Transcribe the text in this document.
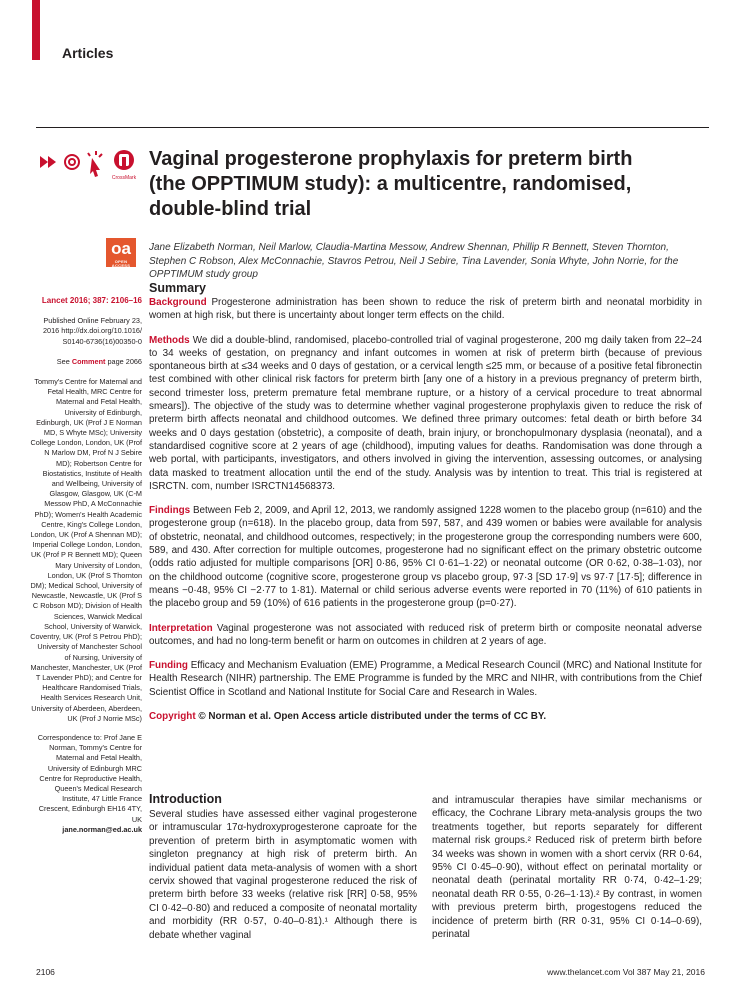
Articles
CrossMark
oa
OPEN ACCESS
Vaginal progesterone prophylaxis for preterm birth (the OPPTIMUM study): a multicentre, randomised, double-blind trial

Jane Elizabeth Norman, Neil Marlow, Claudia-Martina Messow, Andrew Shennan, Phillip R Bennett, Steven Thornton, Stephen C Robson, Alex McConnachie, Stavros Petrou, Neil J Sebire, Tina Lavender, Sonia Whyte, John Norrie, for the OPPTIMUM study group

Lancet 2016; 387: 2106–16
Published Online February 23, 2016 http://dx.doi.org/10.1016/ S0140-6736(16)00350-0
See Comment page 2066

Tommy's Centre for Maternal and Fetal Health, MRC Centre for Maternal and Fetal Health, University of Edinburgh, Edinburgh, UK (Prof J E Norman MD, S Whyte MSc); University College London, London, UK (Prof N Marlow DM, Prof N J Sebire MD); Robertson Centre for Biostatistics, Institute of Health and Wellbeing, University of Glasgow, Glasgow, UK (C-M Messow PhD, A McConnachie PhD); Women's Health Academic Centre, King's College London, London, UK (Prof A Shennan MD); Imperial College London, London, UK (Prof P R Bennett MD); Queen Mary University of London, London, UK (Prof S Thornton DM); Medical School, University of Newcastle, Newcastle, UK (Prof S C Robson MD); Division of Health Sciences, Warwick Medical School, University of Warwick, Coventry, UK (Prof S Petrou PhD); University of Manchester School of Nursing, University of Manchester, Manchester, UK (Prof T Lavender PhD); and Centre for Healthcare Randomised Trials, Health Services Research Unit, University of Aberdeen, Aberdeen, UK (Prof J Norrie MSc)

Correspondence to: Prof Jane E Norman, Tommy's Centre for Maternal and Fetal Health, University of Edinburgh MRC Centre for Reproductive Health, Queen's Medical Research Institute, 47 Little France Crescent, Edinburgh EH16 4TY, UK

jane.norman@ed.ac.uk

Summary

Background Progesterone administration has been shown to reduce the risk of preterm birth and neonatal morbidity in women at high risk, but there is uncertainty about longer term effects on the child.

Methods We did a double-blind, randomised, placebo-controlled trial of vaginal progesterone, 200 mg daily taken from 22–24 to 34 weeks of gestation, on pregnancy and infant outcomes in women at risk of preterm birth (because of previous spontaneous birth at ≤34 weeks and 0 days of gestation, or a cervical length ≤25 mm, or because of a positive fetal fibronectin test combined with other clinical risk factors for preterm birth [any one of a history in a previous pregnancy of preterm birth, second trimester loss, preterm premature fetal membrane rupture, or a history of a cervical procedure to treat abnormal smears]). The objective of the study was to determine whether vaginal progesterone prophylaxis given to reduce the risk of preterm birth affects neonatal and childhood outcomes. We defined three primary outcomes: fetal death or birth before 34 weeks and 0 days gestation (obstetric), a composite of death, brain injury, or bronchopulmonary dysplasia (neonatal), and a standardised cognitive score at 2 years of age (childhood), imputing values for deaths. Randomisation was done through a web portal, with participants, investigators, and others involved in giving the intervention, assessing outcomes, or analysing data masked to treatment allocation until the end of the study. Analysis was by intention to treat. This trial is registered at ISRCTN. com, number ISRCTN14568373.

Findings Between Feb 2, 2009, and April 12, 2013, we randomly assigned 1228 women to the placebo group (n=610) and the progesterone group (n=618). In the placebo group, data from 597, 587, and 439 women or babies were available for analysis of obstetric, neonatal, and childhood outcomes, respectively; in the progesterone group the corresponding numbers were 600, 589, and 430. After correction for multiple outcomes, progesterone had no significant effect on the primary obstetric outcome (odds ratio adjusted for multiple comparisons [OR] 0·86, 95% CI 0·61–1·22) or neonatal outcome (OR 0·62, 0·38–1·03), nor on the childhood outcome (cognitive score, progesterone group vs placebo group, 97·3 [SD 17·9] vs 97·7 [17·5]; difference in means −0·48, 95% CI −2·77 to 1·81). Maternal or child serious adverse events were reported in 70 (11%) of 610 patients in the placebo group and 59 (10%) of 616 patients in the progesterone group (p=0·27).

Interpretation Vaginal progesterone was not associated with reduced risk of preterm birth or composite neonatal adverse outcomes, and had no long-term benefit or harm on outcomes in children at 2 years of age.

Funding Efficacy and Mechanism Evaluation (EME) Programme, a Medical Research Council (MRC) and National Institute for Health Research (NIHR) partnership. The EME Programme is funded by the MRC and NIHR, with contributions from the Chief Scientist Office in Scotland and National Institute for Social Care and Research in Wales.

Copyright © Norman et al. Open Access article distributed under the terms of CC BY.

Introduction

Several studies have assessed either vaginal progesterone or intramuscular 17α-hydroxyprogesterone caproate for the prevention of preterm birth in asymptomatic women with singleton pregnancy at high risk of preterm birth. An individual patient data meta-analysis of women with a short cervix showed that vaginal progesterone reduced the risk of preterm birth before 33 weeks (relative risk [RR] 0·58, 95% CI 0·42–0·80) and reduced a composite of neonatal mortality and morbidity (RR 0·57, 0·40–0·81).¹ Although there is debate whether vaginal

and intramuscular therapies have similar mechanisms or efficacy, the Cochrane Library meta-analysis groups the two treatments together, but reports separately for different maternal risk groups.² Reduced risk of preterm birth before 34 weeks was shown in women with a short cervix (RR 0·64, 95% CI 0·45–0·90), without effect on perinatal mortality or neonatal death (perinatal mortality RR 0·74, 0·42–1·29; neonatal death RR 0·55, 0·26–1·13).² By contrast, in women with previous preterm birth, progestogens reduced the incidence of preterm birth (RR 0·31, 95% CI 0·14–0·69), perinatal

2106	www.thelancet.com Vol 387 May 21, 2016
